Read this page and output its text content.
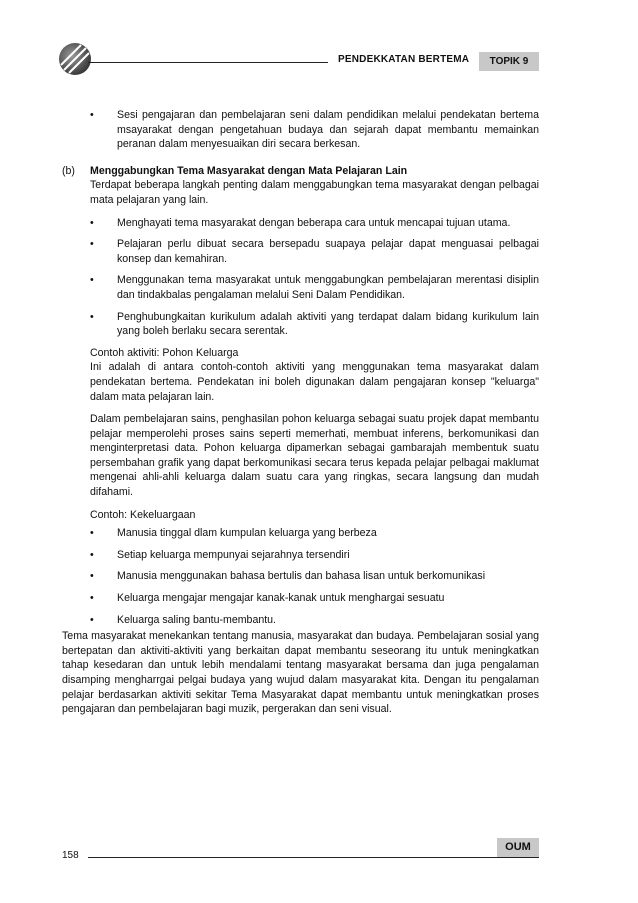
PENDEKKATAN BERTEMA	TOPIK 9
•	Sesi pengajaran dan pembelajaran seni dalam pendidikan melalui pendekatan bertema msayarakat dengan pengetahuan budaya dan sejarah dapat membantu memainkan peranan dalam menyesuaikan diri secara berkesan.
(b)	Menggabungkan Tema Masyarakat dengan Mata Pelajaran Lain
Terdapat beberapa langkah penting dalam menggabungkan tema masyarakat dengan pelbagai mata pelajaran yang lain.
•	Menghayati tema masyarakat dengan beberapa cara untuk mencapai tujuan utama.
•	Pelajaran perlu dibuat secara bersepadu suapaya pelajar dapat menguasai pelbagai konsep dan kemahiran.
•	Menggunakan tema masyarakat untuk menggabungkan pembelajaran merentasi disiplin dan tindakbalas pengalaman melalui Seni Dalam Pendidikan.
•	Penghubungkaitan kurikulum adalah aktiviti yang terdapat dalam bidang kurikulum lain yang boleh berlaku secara serentak.
Contoh aktiviti: Pohon Keluarga
Ini adalah di antara contoh-contoh aktiviti yang menggunakan tema masyarakat dalam pendekatan bertema. Pendekatan ini boleh digunakan dalam pengajaran konsep "keluarga" dalam mata pelajaran lain.
Dalam pembelajaran sains, penghasilan pohon keluarga sebagai suatu projek dapat membantu pelajar memperolehi proses sains seperti memerhati, membuat inferens, berkomunikasi dan menginterpretasi data. Pohon keluarga dipamerkan sebagai gambarajah membentuk suatu persembahan grafik yang dapat berkomunikasi secara terus kepada pelajar pelbagai maklumat mengenai ahli-ahli keluarga dalam suatu cara yang ringkas, secara langsung dan mudah difahami.
Contoh: Kekeluargaan
•	Manusia tinggal dlam kumpulan keluarga yang berbeza
•	Setiap keluarga mempunyai sejarahnya tersendiri
•	Manusia menggunakan bahasa bertulis dan bahasa lisan untuk berkomunikasi
•	Keluarga mengajar mengajar kanak-kanak untuk menghargai sesuatu
•	Keluarga saling bantu-membantu.
Tema masyarakat menekankan tentang manusia, masyarakat dan budaya. Pembelajaran sosial yang bertepatan dan aktiviti-aktiviti yang berkaitan dapat membantu seseorang itu untuk meningkatkan tahap kesedaran dan untuk lebih mendalami tentang masyarakat bersama dan juga pengalaman disamping mengharrgai pelgai budaya yang wujud dalam masyarakat kita. Dengan itu pengalaman pelajar berdasarkan aktiviti sekitar Tema Masyarakat dapat membantu untuk meningkatkan proses pengajaran dan pembelajaran bagi muzik, pergerakan dan seni visual.
158
OUM
